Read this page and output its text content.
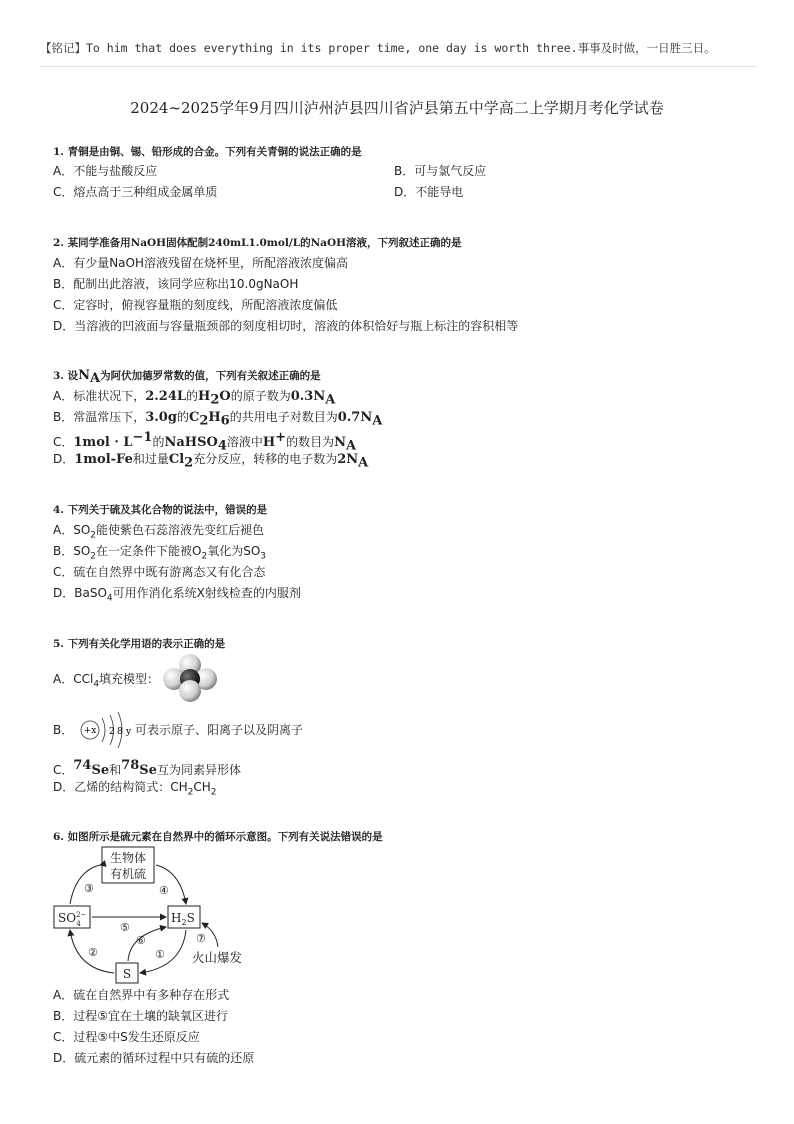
【铭记】To him that does everything in its proper time, one day is worth three.事事及时做，一日胜三日。
2024~2025学年9月四川泸州泸县四川省泸县第五中学高二上学期月考化学试卷
1. 青铜是由铜、锡、铅形成的合金。下列有关青铜的说法正确的是
A．不能与盐酸反应	B．可与氯气反应
C．熔点高于三种组成金属单质	D．不能导电
2. 某同学准备用NaOH固体配制240mL1.0mol/L的NaOH溶液，下列叙述正确的是
A．有少量NaOH溶液残留在烧杯里，所配溶液浓度偏高
B．配制出此溶液，该同学应称出10.0gNaOH
C．定容时，俯视容量瓶的刻度线，所配溶液浓度偏低
D．当溶液的凹液面与容量瓶颈部的刻度相切时，溶液的体积恰好与瓶上标注的容积相等
3. 设$N_A$为阿伏加德罗常数的值，下列有关叙述正确的是
A．标准状况下，2.24L的$H_2O$的原子数为$0.3N_A$
B．常温常压下，3.0g的$C_2H_6$的共用电子对数目为$0.7N_A$
C．$1mol \cdot L^{-1}$的NaHSO$_4$溶液中H+的数目为$N_A$
D．1mol-Fe和过量$Cl_2$充分反应，转移的电子数为$2N_A$
4. 下列关于硫及其化合物的说法中，错误的是
A．$SO_2$能使紫色石蕊溶液先变红后褪色
B．$SO_2$在一定条件下能被$O_2$氧化为$SO_3$
C．硫在自然界中既有游离态又有化合态
D．BaSO$_4$可用作消化系统X射线检查的内服剂
5. 下列有关化学用语的表示正确的是
A．CCl$_4$填充模型：
B． +x 2 8 y 可表示原子、阳离子以及阴离子
C．$^{74}$Se和$^{78}$Se互为同素异形体
D．乙烯的结构简式：$CH_2CH_2$
6. 如图所示是硫元素在自然界中的循环示意图。下列有关说法错误的是
生物体
有机硫
$SO^{2-}$ 4	$H_2S$
S
③	④
⑤
⑥
②	①
⑦
火山爆发
A．硫在自然界中有多种存在形式
B．过程⑤宜在土壤的缺氧区进行
C．过程⑤中S发生还原反应
D．硫元素的循环过程中只有硫的还原
